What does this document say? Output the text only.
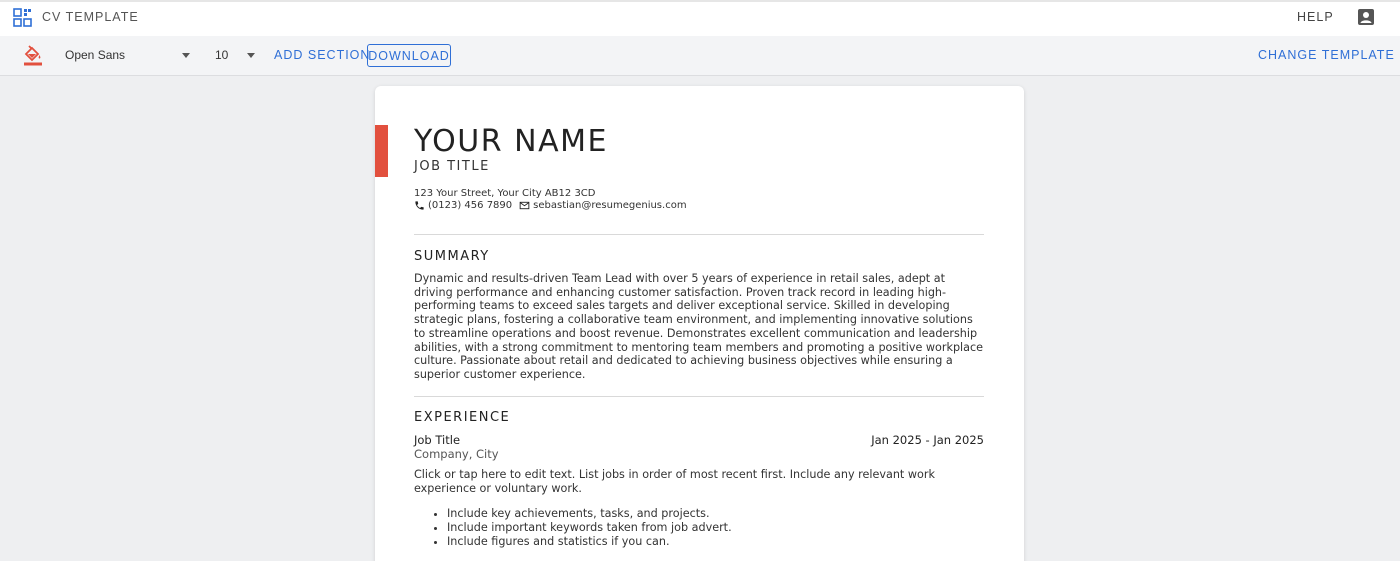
CV TEMPLATE	HELP
Open Sans	10	ADD SECTION
DOWNLOAD	CHANGE TEMPLATE
YOUR NAME
JOB TITLE
123 Your Street, Your City AB12 3CD
(0123) 456 7890 sebastian@resumegenius.com
SUMMARY
Dynamic and results-driven Team Lead with over 5 years of experience in retail sales, adept at driving performance and enhancing customer satisfaction. Proven track record in leading high-performing teams to exceed sales targets and deliver exceptional service. Skilled in developing strategic plans, fostering a collaborative team environment, and implementing innovative solutions to streamline operations and boost revenue. Demonstrates excellent communication and leadership abilities, with a strong commitment to mentoring team members and promoting a positive workplace culture. Passionate about retail and dedicated to achieving business objectives while ensuring a superior customer experience.
EXPERIENCE
Job Title	Jan 2025 - Jan 2025
Company, City
Click or tap here to edit text. List jobs in order of most recent first. Include any relevant work experience or voluntary work.
• Include key achievements, tasks, and projects.
• Include important keywords taken from job advert.
• Include figures and statistics if you can.
